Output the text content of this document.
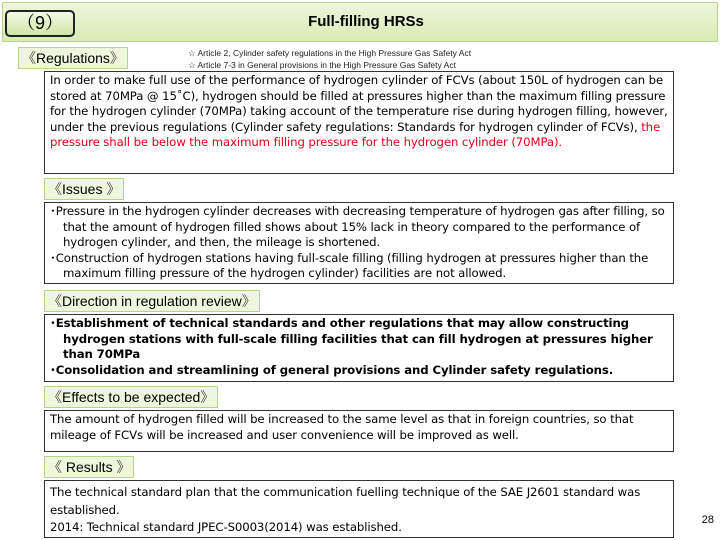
（9）	Full-filling HRSs
《Regulations》	☆ Article 2, Cylinder safety regulations in the High Pressure Gas Safety Act
☆ Article 7-3 in General provisions in the High Pressure Gas Safety Act
In order to make full use of the performance of hydrogen cylinder of FCVs (about 150L of hydrogen can be stored at 70MPa @ 15˚C), hydrogen should be filled at pressures higher than the maximum filling pressure for the hydrogen cylinder (70MPa) taking account of the temperature rise during hydrogen filling, however, under the previous regulations (Cylinder safety regulations: Standards for hydrogen cylinder of FCVs), the pressure shall be below the maximum filling pressure for the hydrogen cylinder (70MPa).
《Issues 》
･Pressure in the hydrogen cylinder decreases with decreasing temperature of hydrogen gas after filling, so that the amount of hydrogen filled shows about 15% lack in theory compared to the performance of hydrogen cylinder, and then, the mileage is shortened.
･Construction of hydrogen stations having full-scale filling (filling hydrogen at pressures higher than the maximum filling pressure of the hydrogen cylinder) facilities are not allowed.
《Direction in regulation review》
･Establishment of technical standards and other regulations that may allow constructing hydrogen stations with full-scale filling facilities that can fill hydrogen at pressures higher than 70MPa
･Consolidation and streamlining of general provisions and Cylinder safety regulations.
《Effects to be expected》
The amount of hydrogen filled will be increased to the same level as that in foreign countries, so that mileage of FCVs will be increased and user convenience will be improved as well.
《 Results 》
The technical standard plan that the communication fuelling technique of the SAE J2601 standard was established.
2014: Technical standard JPEC-S0003(2014) was established.	28
